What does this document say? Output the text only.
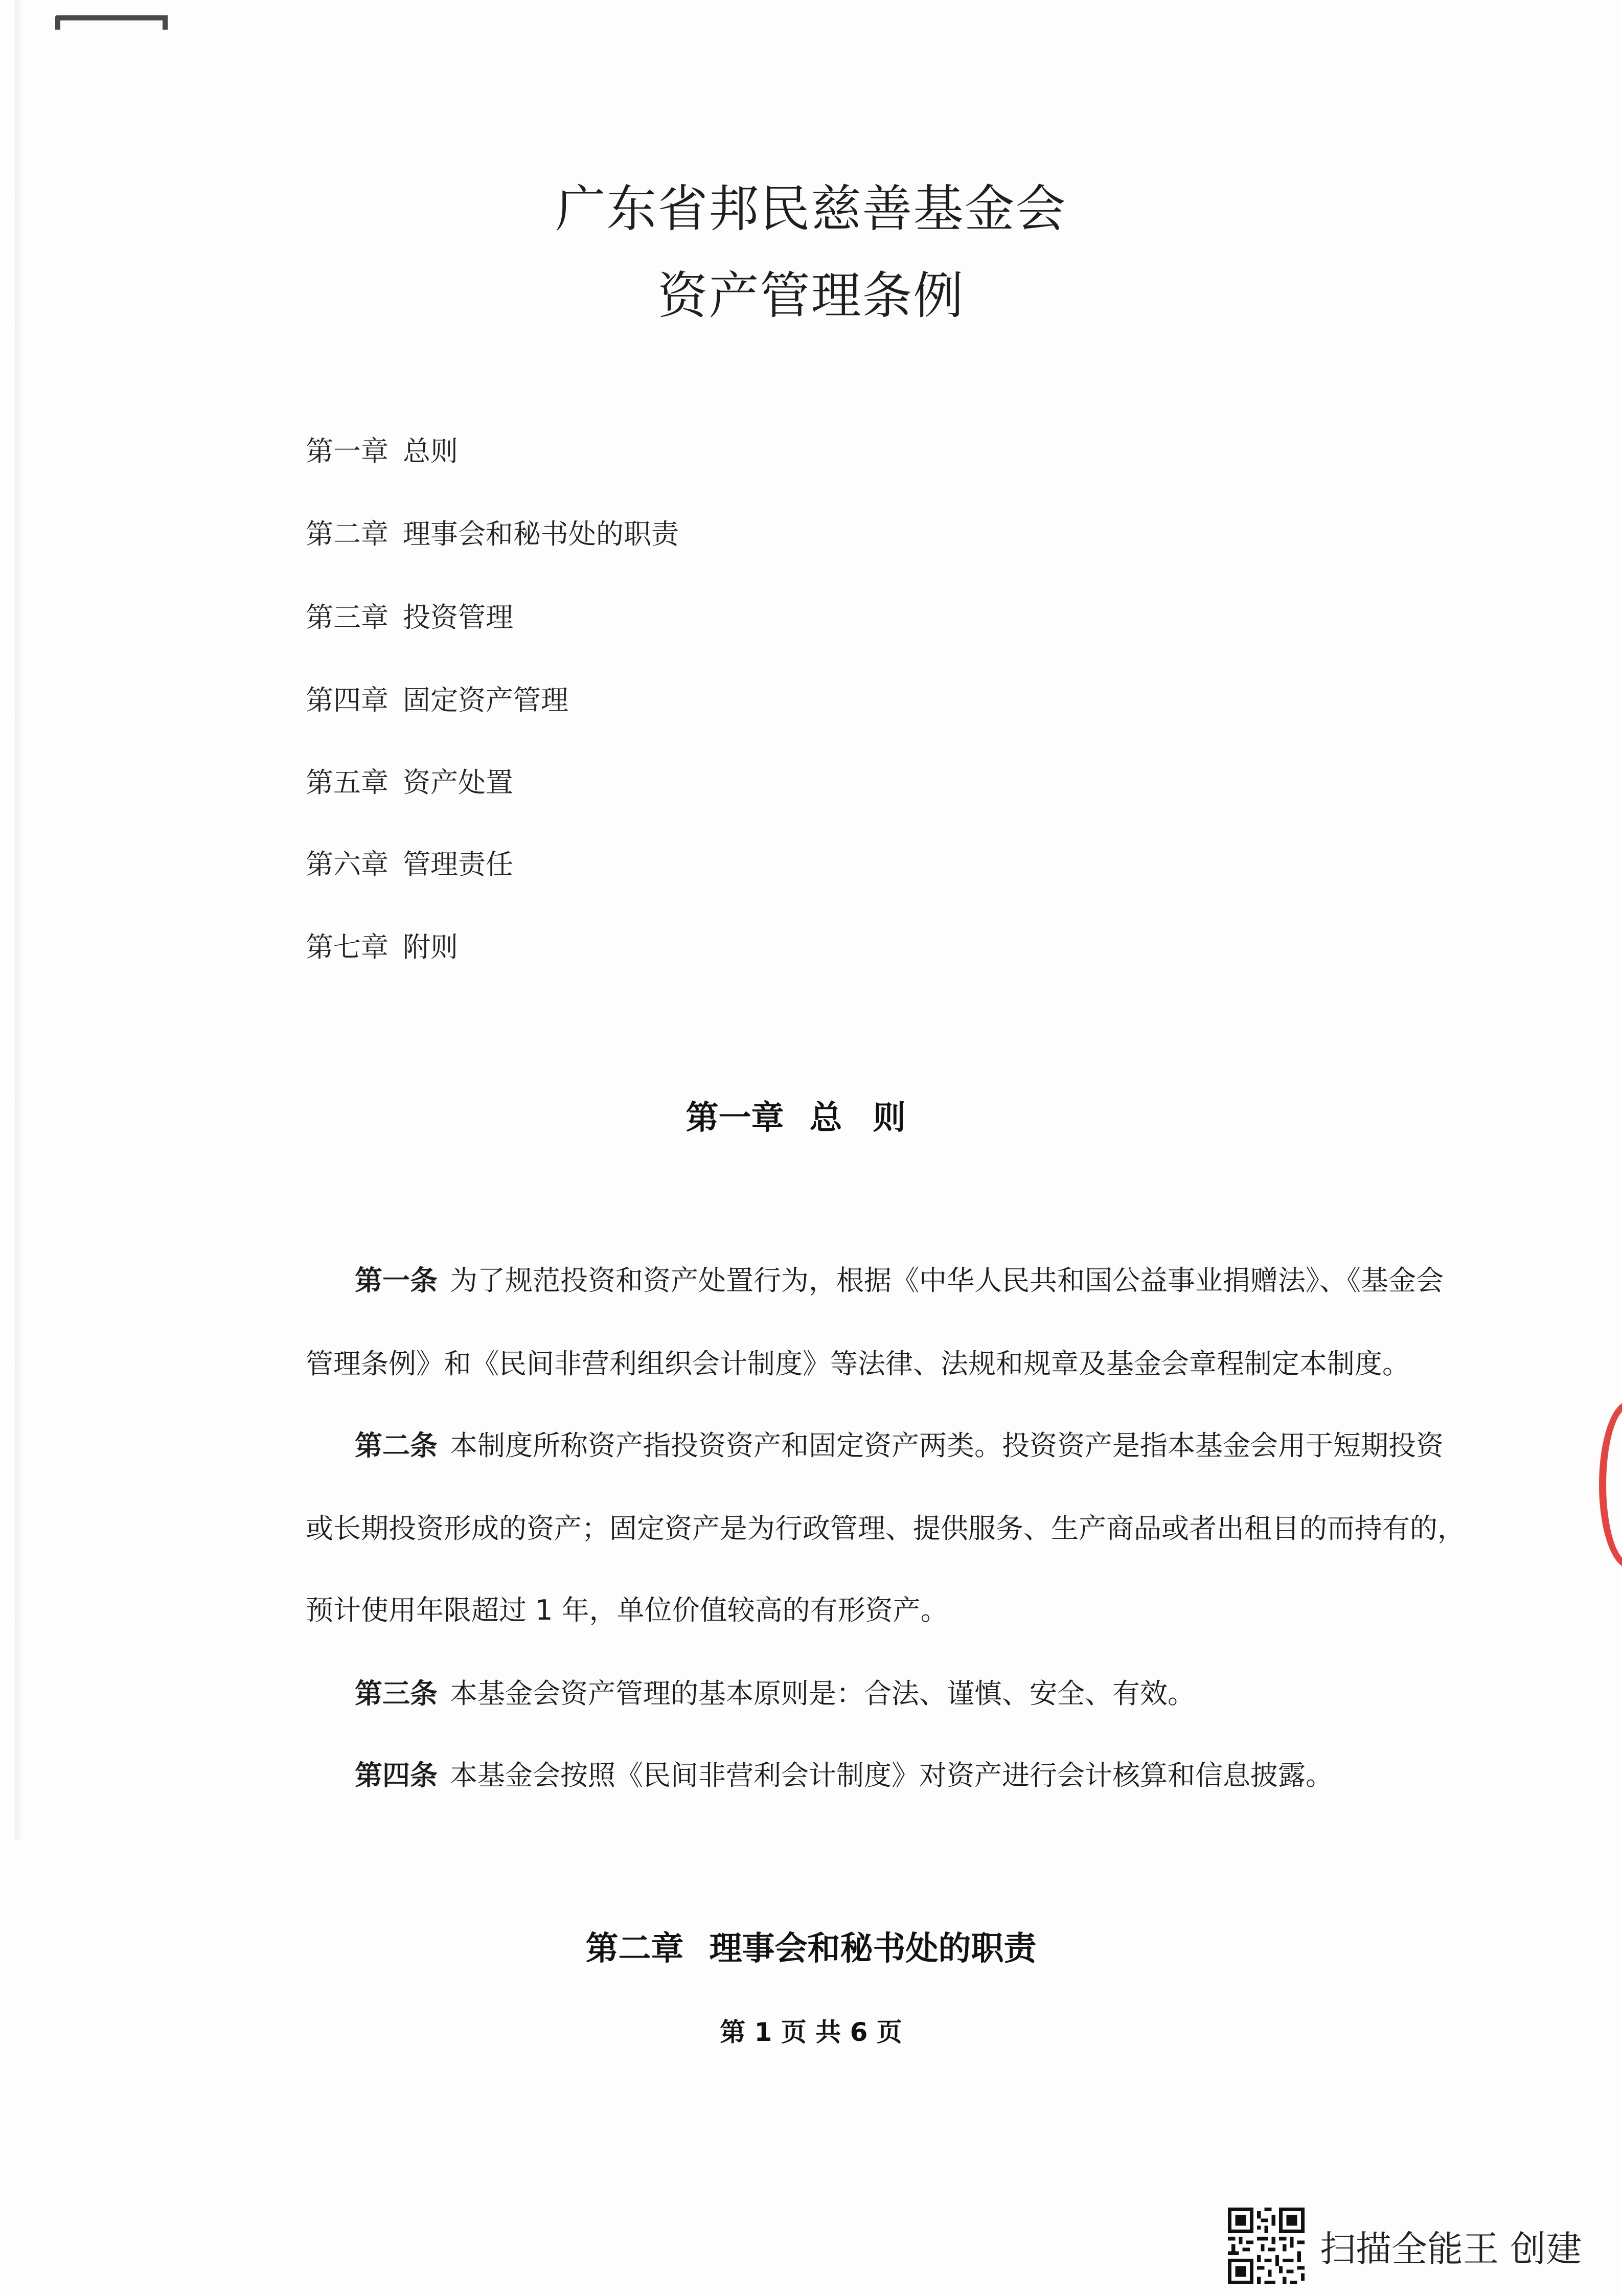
广东省邦民慈善基金会
资产管理条例
第一章 总则
第二章 理事会和秘书处的职责
第三章 投资管理
第四章 固定资产管理
第五章 资产处置
第六章 管理责任
第七章 附则
第一章 总则
第一条 为了规范投资和资产处置行为，根据《中华人民共和国公益事业捐赠法》、《基金会
管理条例》和《民间非营利组织会计制度》等法律、法规和规章及基金会章程制定本制度。
第二条 本制度所称资产指投资资产和固定资产两类。投资资产是指本基金会用于短期投资
或长期投资形成的资产；固定资产是为行政管理、提供服务、生产商品或者出租目的而持有的，
预计使用年限超过 1 年，单位价值较高的有形资产。
第三条 本基金会资产管理的基本原则是：合法、谨慎、安全、有效。
第四条 本基金会按照《民间非营利会计制度》对资产进行会计核算和信息披露。
第二章 理事会和秘书处的职责
第 1 页 共 6 页
扫描全能王 创建
